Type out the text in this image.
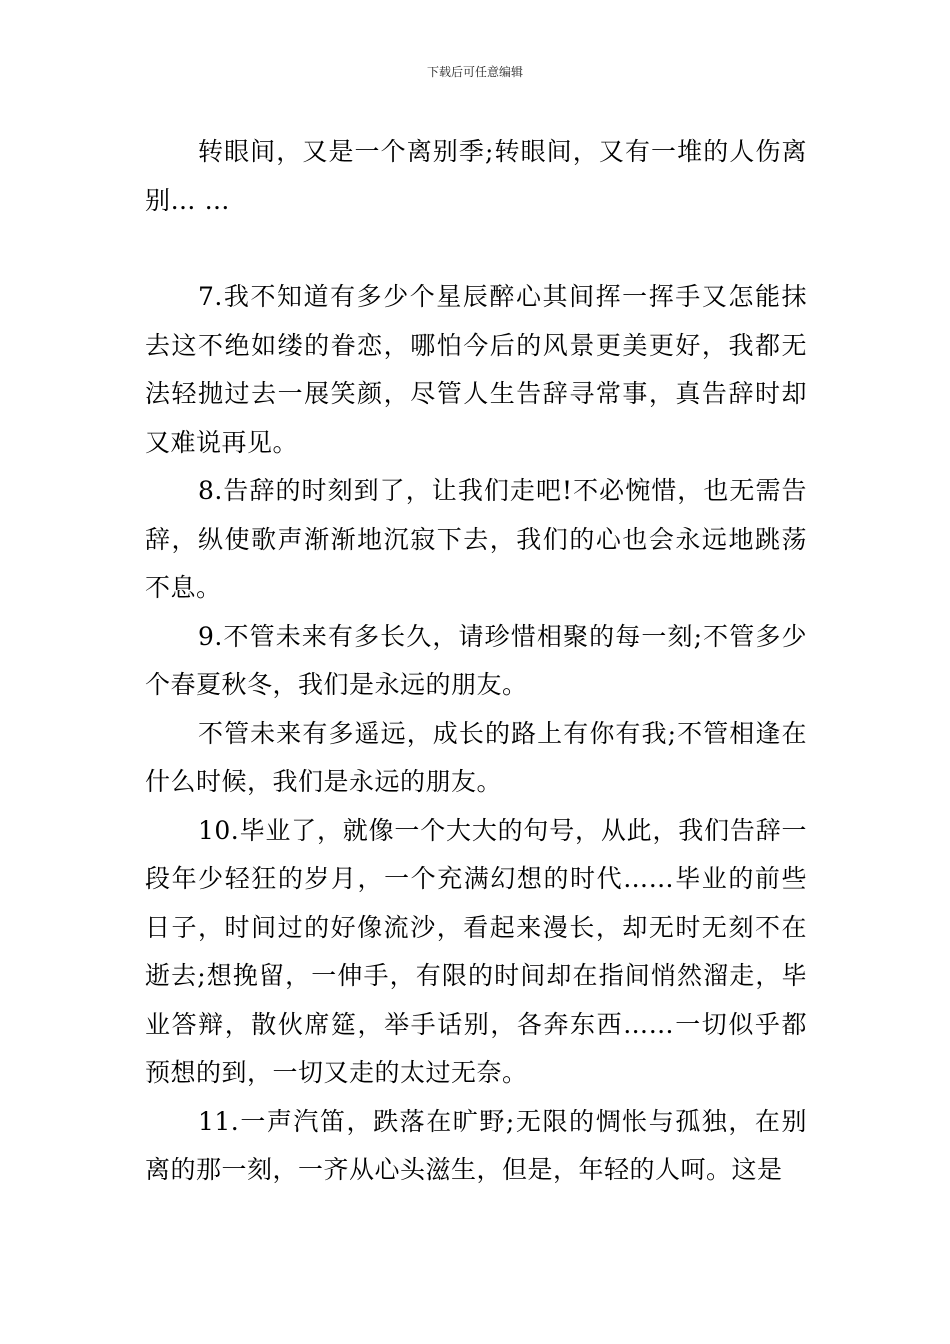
下载后可任意编辑

转眼间，又是一个离别季;转眼间，又有一堆的人伤离别… …

7.我不知道有多少个星辰醉心其间挥一挥手又怎能抹去这不绝如缕的眷恋，哪怕今后的风景更美更好，我都无法轻抛过去一展笑颜，尽管人生告辞寻常事，真告辞时却又难说再见。

8.告辞的时刻到了，让我们走吧!不必惋惜，也无需告辞，纵使歌声渐渐地沉寂下去，我们的心也会永远地跳荡不息。

9.不管未来有多长久，请珍惜相聚的每一刻;不管多少个春夏秋冬，我们是永远的朋友。

不管未来有多遥远，成长的路上有你有我;不管相逢在什么时候，我们是永远的朋友。

10.毕业了，就像一个大大的句号，从此，我们告辞一段年少轻狂的岁月，一个充满幻想的时代……毕业的前些日子，时间过的好像流沙，看起来漫长，却无时无刻不在逝去;想挽留，一伸手，有限的时间却在指间悄然溜走，毕业答辩，散伙席筵，举手话别，各奔东西……一切似乎都预想的到，一切又走的太过无奈。

11.一声汽笛，跌落在旷野;无限的惆怅与孤独，在别离的那一刻，一齐从心头滋生，但是，年轻的人呵。这是
